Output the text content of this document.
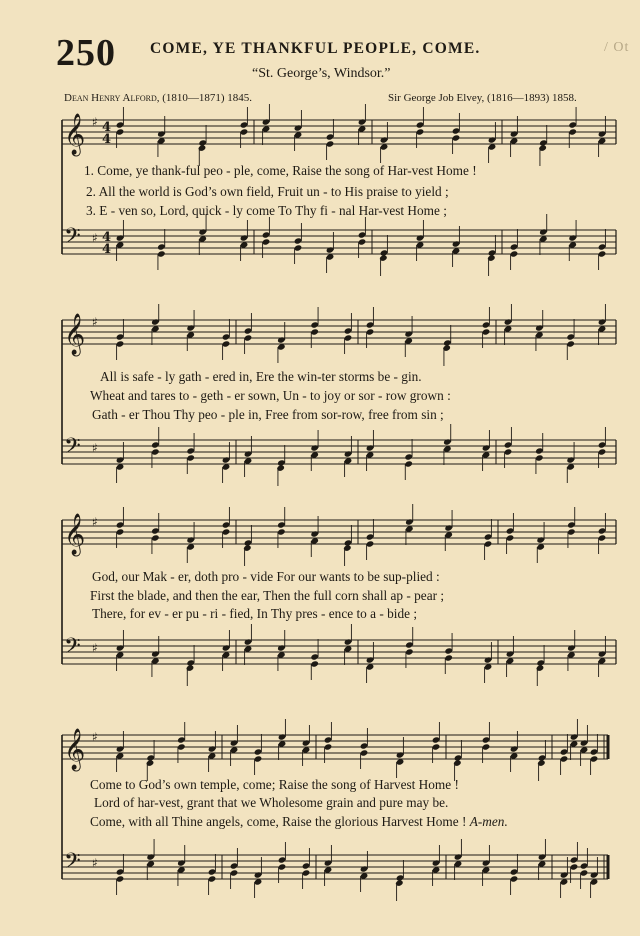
250 COME, YE THANKFUL PEOPLE, COME.	/ Ot
“St. George’s, Windsor.”
Dean Henry Alford, (1810—1871) 1845.	Sir George Job Elvey, (1816—1893) 1858.
𝄞 ♯ 4
4
𝄢 ♯ 4
4
1. Come, ye thank-ful peo - ple, come, Raise the song of Har-vest Home !
2. All the world is God’s own field, Fruit un - to His praise to yield ;
3. E - ven so, Lord, quick - ly come To Thy fi - nal Har-vest Home ;
𝄞 ♯
𝄢 ♯
All is safe - ly gath - ered in, Ere the win-ter storms be - gin.
Wheat and tares to - geth - er sown, Un - to joy or sor - row grown :
Gath - er Thou Thy peo - ple in, Free from sor-row, free from sin ;
𝄞 ♯
𝄢 ♯
God, our Mak - er, doth pro - vide For our wants to be sup-plied :
First the blade, and then the ear, Then the full corn shall ap - pear ;
There, for ev - er pu - ri - fied, In Thy pres - ence to a - bide ;
𝄞 ♯
𝄢 ♯
Come to God’s own temple, come; Raise the song of Harvest Home !
Lord of har-vest, grant that we Wholesome grain and pure may be.
Come, with all Thine angels, come, Raise the glorious Harvest Home ! A-men.
